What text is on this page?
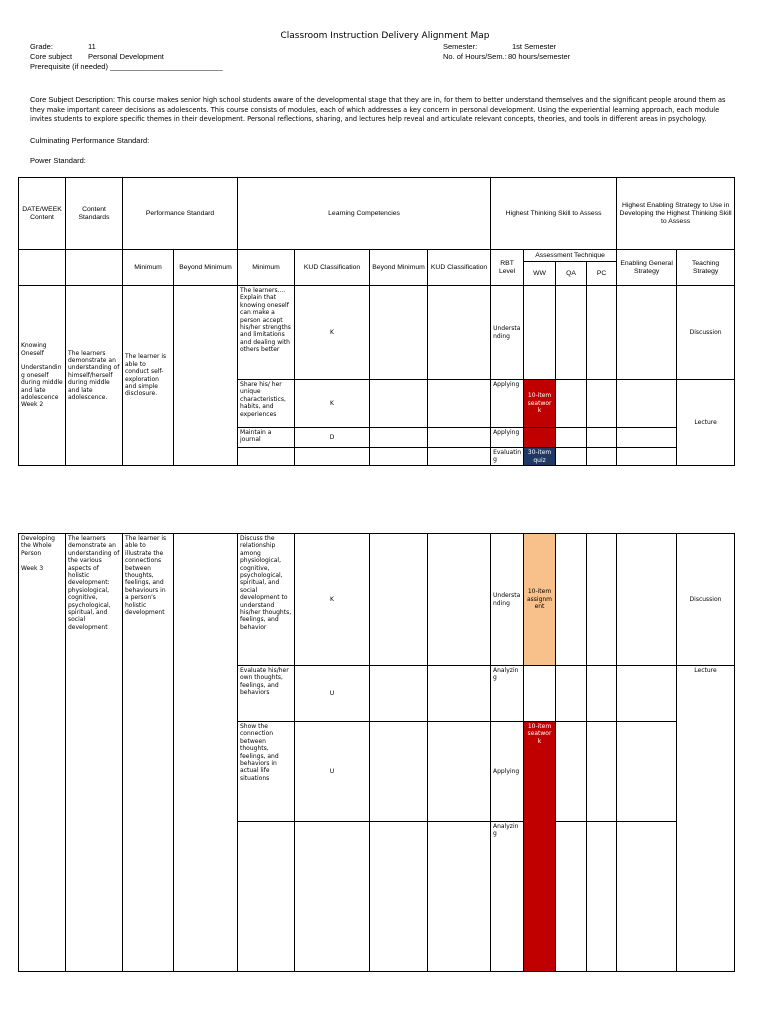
Classroom Instruction Delivery Alignment Map
Grade:	11
Core subject Personal Development
Prerequisite (if needed) ___________________________
Semester:	1st Semester
No. of Hours/Sem.: 80 hours/semester
Core Subject Description: This course makes senior high school students aware of the developmental stage that they are in, for them to better understand themselves and the significant people around them as they make important career decisions as adolescents. This course consists of modules, each of which addresses a key concern in personal development. Using the experiential learning approach, each module invites students to explore specific themes in their development. Personal reflections, sharing, and lectures help reveal and articulate relevant concepts, theories, and tools in different areas in psychology.
Culminating Performance Standard:
Power Standard:
DATE/WEEK Content	Content Standards	Performance Standard		Learning Competencies				Highest Thinking Skill to Assess				Highest Enabling Strategy to Use in Developing the Highest Thinking Skill to Assess	
		Minimum	Beyond Minimum	Minimum	KUD Classification	Beyond Minimum	KUD Classification	RBT Level	Assessment Technique			Enabling General Strategy	Teaching Strategy
									WW	QA	PC		
Knowing Oneself

Understanding oneself during middle and late adolescence
Week 2	The learners demonstrate an understanding of himself/herself during middle and late adolescence.	The learner is able to conduct self-exploration and simple disclosure.		The learners.... Explain that knowing oneself can make a person accept his/her strengths and limitations and dealing with others better	K			Understanding					Discussion
				Share his/ her unique characteristics, habits, and experiences	K			Applying	10-item seatwork				Lecture
				Maintain a journal	D			Applying					
								Evaluating	30-item quiz				
Developing the Whole Person

Week 3	The learners demonstrate an understanding of the various aspects of holistic development: physiological, cognitive, psychological, spiritual, and social development	The learner is able to illustrate the connections between thoughts, feelings, and behaviours in a person's holistic development		Discuss the relationship among physiological, cognitive, psychological, spiritual, and social development to understand his/her thoughts, feelings, and behavior	K			Understanding	10-item assignment				Discussion
				Evaluate his/her own thoughts, feelings, and behaviors	U			Analyzing					Lecture
				Show the connection between thoughts, feelings, and behaviors in actual life situations	U			Applying	10-item seatwork				
								Analyzing					
